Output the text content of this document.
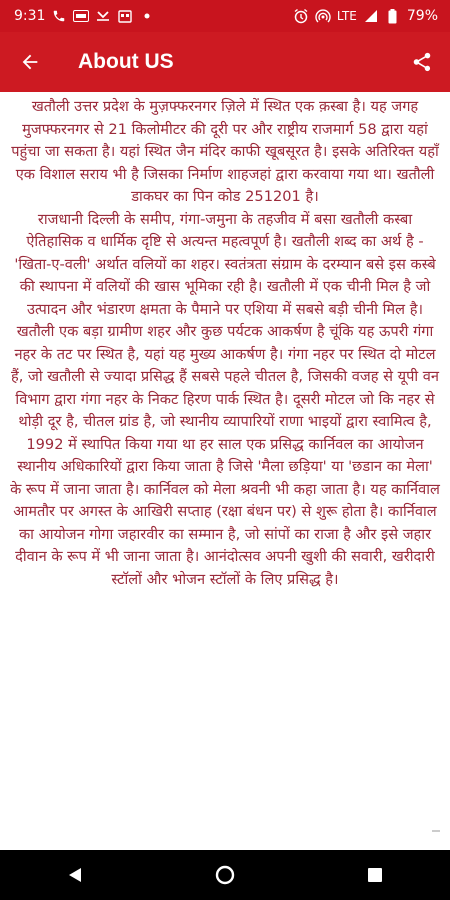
9:31	LTE	79%
About US

खतौली उत्तर प्रदेश के मुज़फ्फरनगर ज़िले में स्थित एक क़स्बा है। यह जगह मुजफ्फरनगर से 21 किलोमीटर की दूरी पर और राष्ट्रीय राजमार्ग 58 द्वारा यहां पहुंचा जा सकता है। यहां स्थित जैन मंदिर काफी खूबसूरत है। इसके अतिरिक्त यहाँ एक विशाल सराय भी है जिसका निर्माण शाहजहां द्वारा करवाया गया था। खतौली डाकघर का पिन कोड 251201 है।
राजधानी दिल्ली के समीप, गंगा-जमुना के तहजीव में बसा खतौली कस्बा ऐतिहासिक व धार्मिक दृष्टि से अत्यन्त महत्वपूर्ण है। खतौली शब्द का अर्थ है - 'खिता-ए-वली' अर्थात वलियों का शहर। स्वतंत्रता संग्राम के दरम्यान बसे इस कस्बे की स्थापना में वलियों की खास भूमिका रही है। खतौली में एक चीनी मिल है जो उत्पादन और भंडारण क्षमता के पैमाने पर एशिया में सबसे बड़ी चीनी मिल है।
खतौली एक बड़ा ग्रामीण शहर और कुछ पर्यटक आकर्षण है चूंकि यह ऊपरी गंगा नहर के तट पर स्थित है, यहां यह मुख्य आकर्षण है। गंगा नहर पर स्थित दो मोटल हैं, जो खतौली से ज्यादा प्रसिद्ध हैं सबसे पहले चीतल है, जिसकी वजह से यूपी वन विभाग द्वारा गंगा नहर के निकट हिरण पार्क स्थित है। दूसरी मोटल जो कि नहर से थोड़ी दूर है, चीतल ग्रांड है, जो स्थानीय व्यापारियों राणा भाइयों द्वारा स्वामित्व है, 1992 में स्थापित किया गया था हर साल एक प्रसिद्ध कार्निवल का आयोजन स्थानीय अधिकारियों द्वारा किया जाता है जिसे 'मैला छड़िया' या 'छडान का मेला' के रूप में जाना जाता है। कार्निवल को मेला श्रवनी भी कहा जाता है। यह कार्निवाल आमतौर पर अगस्त के आखिरी सप्ताह (रक्षा बंधन पर) से शुरू होता है। कार्निवाल का आयोजन गोगा जहारवीर का सम्मान है, जो सांपों का राजा है और इसे जहार दीवान के रूप में भी जाना जाता है। आनंदोत्सव अपनी खुशी की सवारी, खरीदारी स्टॉलों और भोजन स्टॉलों के लिए प्रसिद्ध है।
